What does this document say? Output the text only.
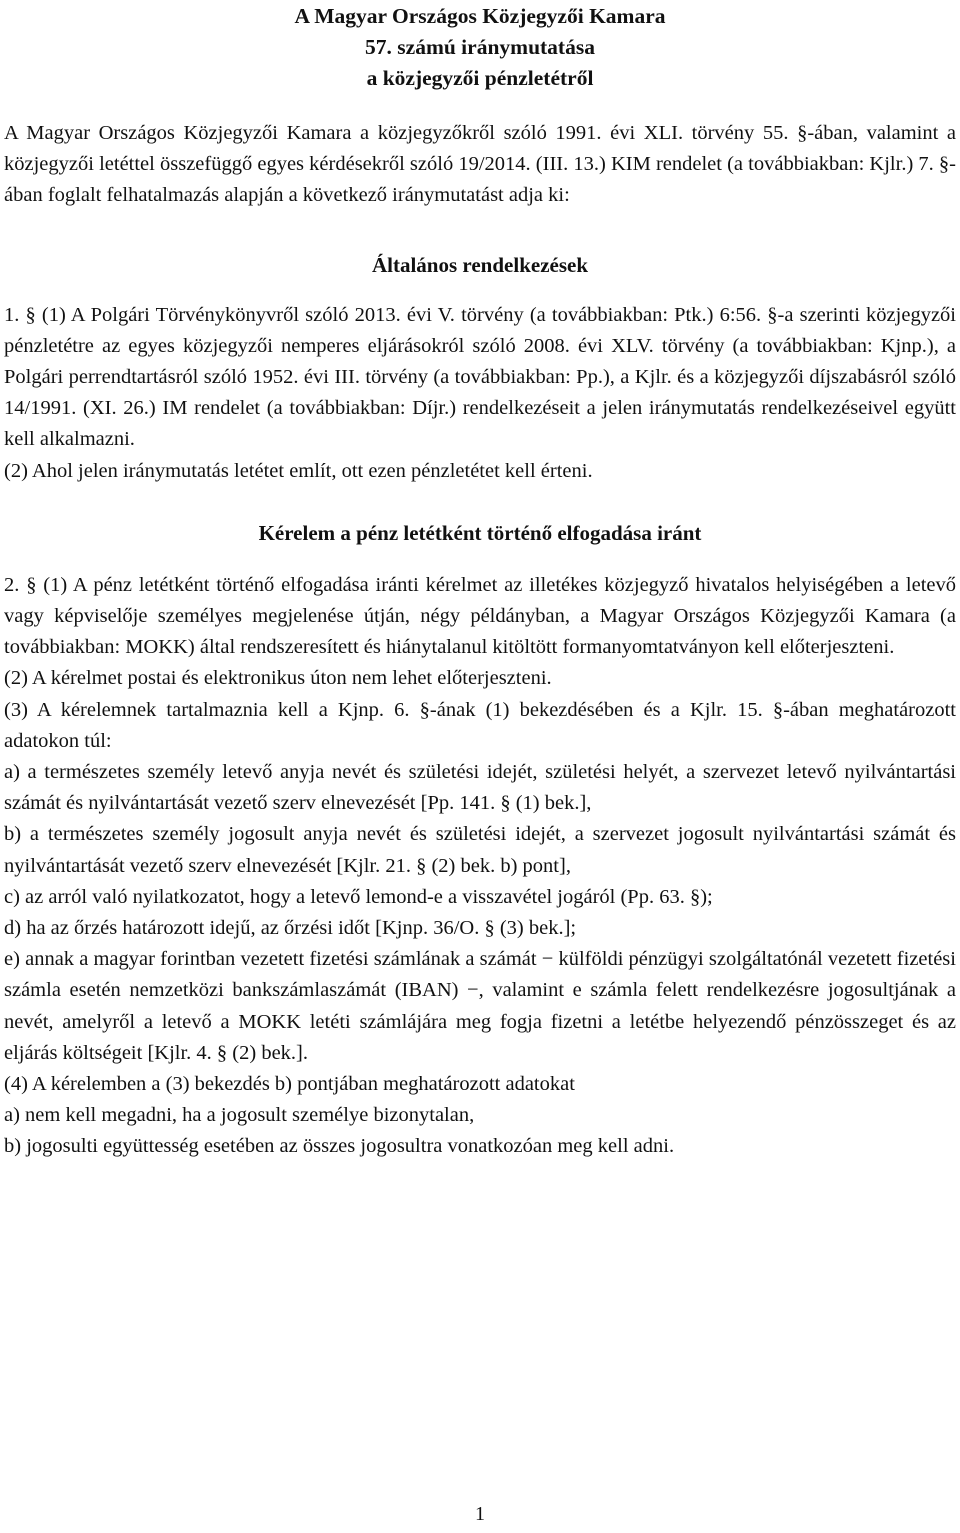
A Magyar Országos Közjegyzői Kamara
57. számú iránymutatása
a közjegyzői pénzletétről

A Magyar Országos Közjegyzői Kamara a közjegyzőkről szóló 1991. évi XLI. törvény 55. §-ában, valamint a közjegyzői letéttel összefüggő egyes kérdésekről szóló 19/2014. (III. 13.) KIM rendelet (a továbbiakban: Kjlr.) 7. §-ában foglalt felhatalmazás alapján a következő iránymutatást adja ki:

Általános rendelkezések

1. § (1) A Polgári Törvénykönyvről szóló 2013. évi V. törvény (a továbbiakban: Ptk.) 6:56. §-a szerinti közjegyzői pénzletétre az egyes közjegyzői nemperes eljárásokról szóló 2008. évi XLV. törvény (a továbbiakban: Kjnp.), a Polgári perrendtartásról szóló 1952. évi III. törvény (a továbbiakban: Pp.), a Kjlr. és a közjegyzői díjszabásról szóló 14/1991. (XI. 26.) IM rendelet (a továbbiakban: Díjr.) rendelkezéseit a jelen iránymutatás rendelkezéseivel együtt kell alkalmazni.

(2) Ahol jelen iránymutatás letétet említ, ott ezen pénzletétet kell érteni.

Kérelem a pénz letétként történő elfogadása iránt

2. § (1) A pénz letétként történő elfogadása iránti kérelmet az illetékes közjegyző hivatalos helyiségében a letevő vagy képviselője személyes megjelenése útján, négy példányban, a Magyar Országos Közjegyzői Kamara (a továbbiakban: MOKK) által rendszeresített és hiánytalanul kitöltött formanyomtatványon kell előterjeszteni.

(2) A kérelmet postai és elektronikus úton nem lehet előterjeszteni.

(3) A kérelemnek tartalmaznia kell a Kjnp. 6. §-ának (1) bekezdésében és a Kjlr. 15. §-ában meghatározott adatokon túl:

a) a természetes személy letevő anyja nevét és születési idejét, születési helyét, a szervezet letevő nyilvántartási számát és nyilvántartását vezető szerv elnevezését [Pp. 141. § (1) bek.],

b) a természetes személy jogosult anyja nevét és születési idejét, a szervezet jogosult nyilvántartási számát és nyilvántartását vezető szerv elnevezését [Kjlr. 21. § (2) bek. b) pont],

c) az arról való nyilatkozatot, hogy a letevő lemond-e a visszavétel jogáról (Pp. 63. §);

d) ha az őrzés határozott idejű, az őrzési időt [Kjnp. 36/O. § (3) bek.];

e) annak a magyar forintban vezetett fizetési számlának a számát − külföldi pénzügyi szolgáltatónál vezetett fizetési számla esetén nemzetközi bankszámlaszámát (IBAN) −, valamint e számla felett rendelkezésre jogosultjának a nevét, amelyről a letevő a MOKK letéti számlájára meg fogja fizetni a letétbe helyezendő pénzösszeget és az eljárás költségeit [Kjlr. 4. § (2) bek.].

(4) A kérelemben a (3) bekezdés b) pontjában meghatározott adatokat

a) nem kell megadni, ha a jogosult személye bizonytalan,

b) jogosulti együttesség esetében az összes jogosultra vonatkozóan meg kell adni.

1
